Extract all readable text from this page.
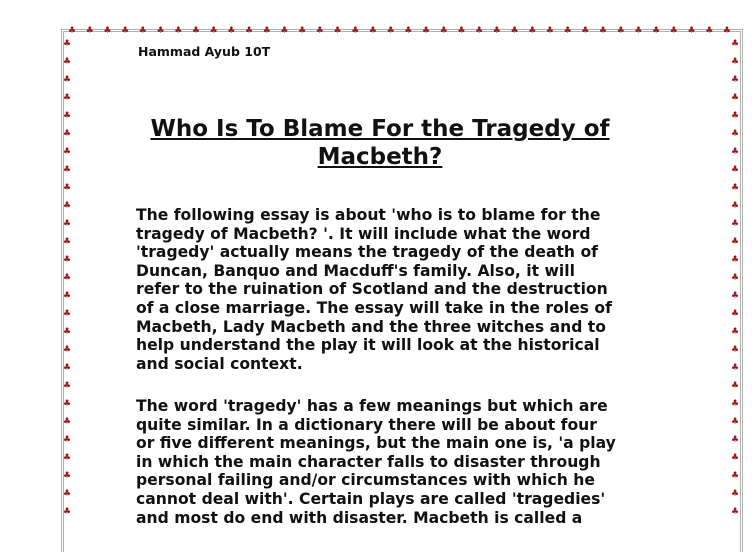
Hammad Ayub 10T
Who Is To Blame For the Tragedy of
Macbeth?
The following essay is about 'who is to blame for the
tragedy of Macbeth? '. It will include what the word
'tragedy' actually means the tragedy of the death of
Duncan, Banquo and Macduff's family. Also, it will
refer to the ruination of Scotland and the destruction
of a close marriage. The essay will take in the roles of
Macbeth, Lady Macbeth and the three witches and to
help understand the play it will look at the historical
and social context.
The word 'tragedy' has a few meanings but which are
quite similar. In a dictionary there will be about four
or five different meanings, but the main one is, 'a play
in which the main character falls to disaster through
personal failing and/or circumstances with which he
cannot deal with'. Certain plays are called 'tragedies'
and most do end with disaster. Macbeth is called a
♣ ♣ ♣ ♣ ♣ ♣ ♣ ♣ ♣ ♣ ♣ ♣ ♣ ♣ ♣ ♣ ♣ ♣ ♣ ♣ ♣ ♣ ♣ ♣ ♣ ♣ ♣ ♣ ♣ ♣ ♣ ♣ ♣ ♣ ♣ ♣ ♣ ♣
♣	♣
♣	♣
♣	♣
♣	♣
♣	♣
♣	♣
♣	♣
♣	♣
♣	♣
♣	♣
♣	♣
♣	♣
♣	♣
♣	♣
♣	♣
♣	♣
♣	♣
♣	♣
♣	♣
♣	♣
♣	♣
♣	♣
♣	♣
♣	♣
♣	♣
♣	♣
♣	♣
